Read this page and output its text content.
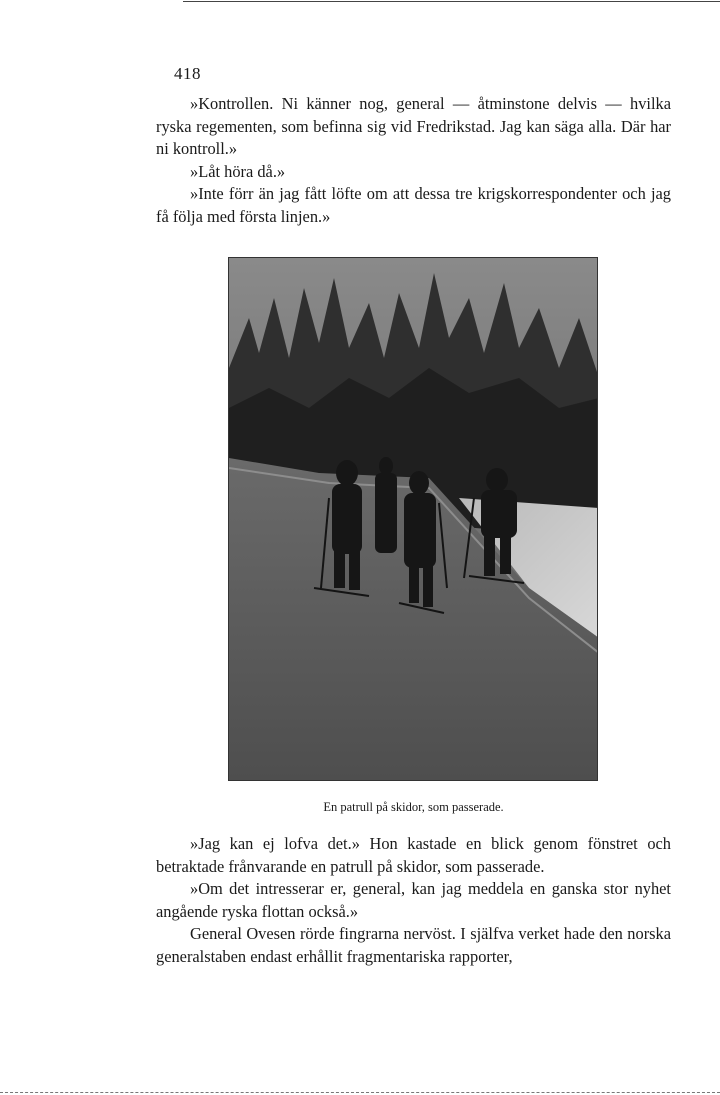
418

»Kontrollen. Ni känner nog, general — åtminstone delvis — hvilka ryska regementen, som befinna sig vid Fredrikstad. Jag kan säga alla. Där har ni kontroll.»

»Låt höra då.»

»Inte förr än jag fått löfte om att dessa tre krigskorrespondenter och jag få följa med första linjen.»

En patrull på skidor, som passerade.

»Jag kan ej lofva det.» Hon kastade en blick genom fönstret och betraktade frånvarande en patrull på skidor, som passerade.

»Om det intresserar er, general, kan jag meddela en ganska stor nyhet angående ryska flottan också.»

General Ovesen rörde fingrarna nervöst. I själfva verket hade den norska generalstaben endast erhållit fragmentariska rapporter,
